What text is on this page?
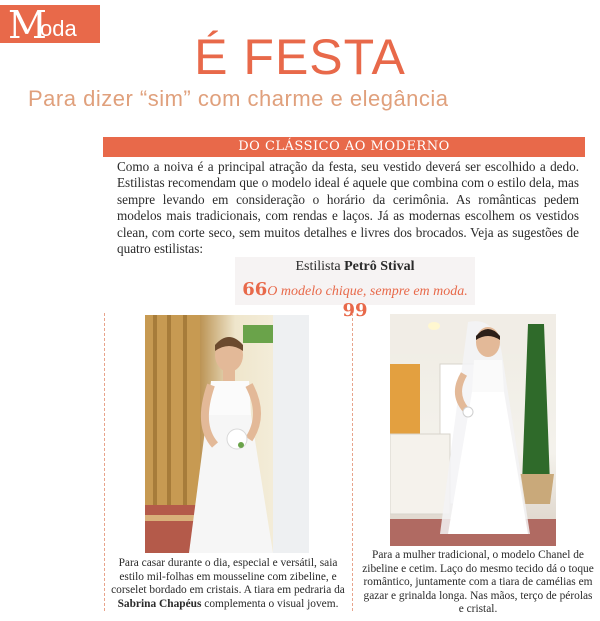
M
oda
É FESTA
Para dizer “sim” com charme e elegância
DO CLÁSSICO AO MODERNO
Como a noiva é a principal atração da festa, seu vestido deverá ser escolhido a dedo. Estilistas recomendam que o modelo ideal é aquele que combina com o estilo dela, mas sempre levando em consideração o horário da cerimônia. As românticas pedem modelos mais tradicionais, com rendas e laços. Já as modernas escolhem os vestidos clean, com corte seco, sem muitos detalhes e livres dos brocados. Veja as sugestões de quatro estilistas:
Estilista Petrô Stival
66O modelo chique, sempre em moda. 99
Para casar durante o dia, especial e versátil, saia estilo mil-folhas em mousseline com zibeline, e corselet bordado em cristais. A tiara em pedraria da Sabrina Chapéus complementa o visual jovem.
Para a mulher tradicional, o modelo Chanel de zibeline e cetim. Laço do mesmo tecido dá o toque romântico, juntamente com a tiara de camélias em gazar e grinalda longa. Nas mãos, terço de pérolas e cristal.
